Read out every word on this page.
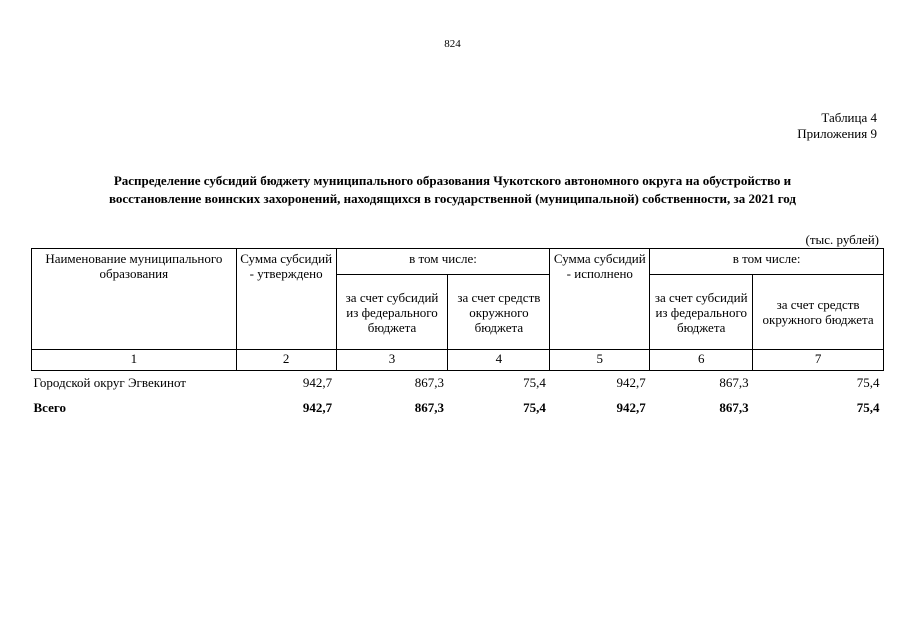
824
Таблица 4
Приложения 9
Распределение субсидий бюджету муниципального образования Чукотского автономного округа на обустройство и
восстановление воинских захоронений, находящихся в государственной (муниципальной) собственности, за 2021 год
(тыс. рублей)
Наименование муниципального образования	Сумма субсидий - утверждено	в том числе:		Сумма субсидий - исполнено	в том числе:	
		за счет субсидий из федерального бюджета	за счет средств окружного бюджета		за счет субсидий из федерального бюджета	за счет средств окружного бюджета
1	2	3	4	5	6	7
Городской округ Эгвекинот	942,7	867,3	75,4	942,7	867,3	75,4
Всего	942,7	867,3	75,4	942,7	867,3	75,4
